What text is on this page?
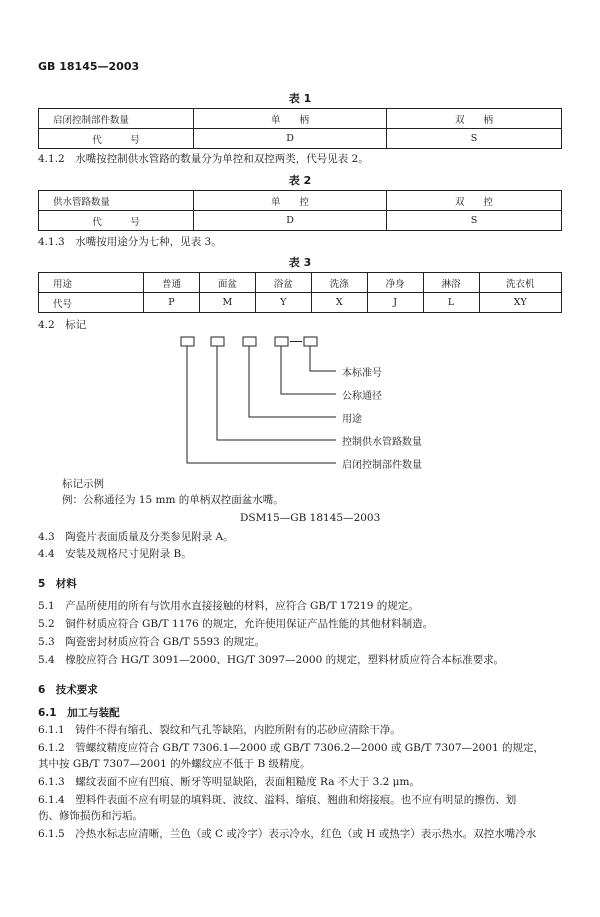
GB 18145—2003
表 1
启闭控制部件数量	单　　柄	双　　柄
代　　　号	D	S
4.1.2　水嘴按控制供水管路的数量分为单控和双控两类，代号见表 2。
表 2
供水管路数量	单　　控	双　　控
代　　　号	D	S
4.1.3　水嘴按用途分为七种，见表 3。
表 3
用途	普通	面盆	浴盆	洗涤	净身	淋浴	洗衣机
代号	P	M	Y	X	J	L	XY
4.2　标记
本标准号
公称通径
用途
控制供水管路数量
启闭控制部件数量
标记示例
例：公称通径为 15 mm 的单柄双控面盆水嘴。
DSM15—GB 18145—2003
4.3　陶瓷片表面质量及分类参见附录 A。
4.4　安装及规格尺寸见附录 B。
5　材料
5.1　产品所使用的所有与饮用水直接接触的材料，应符合 GB/T 17219 的规定。
5.2　铜件材质应符合 GB/T 1176 的规定，允许使用保证产品性能的其他材料制造。
5.3　陶瓷密封材质应符合 GB/T 5593 的规定。
5.4　橡胶应符合 HG/T 3091—2000、HG/T 3097—2000 的规定，塑料材质应符合本标准要求。
6　技术要求
6.1　加工与装配
6.1.1　铸件不得有缩孔、裂纹和气孔等缺陷，内腔所附有的芯砂应清除干净。
6.1.2　管螺纹精度应符合 GB/T 7306.1—2000 或 GB/T 7306.2—2000 或 GB/T 7307—2001 的规定，
其中按 GB/T 7307—2001 的外螺纹应不低于 B 级精度。
6.1.3　螺纹表面不应有凹痕、断牙等明显缺陷，表面粗糙度 Ra 不大于 3.2 μm。
6.1.4　塑料件表面不应有明显的填料斑、波纹、溢料、缩痕、翘曲和熔接痕。也不应有明显的擦伤、划
伤、修饰损伤和污垢。
6.1.5　冷热水标志应清晰，兰色（或 C 或冷字）表示冷水，红色（或 H 或热字）表示热水。双控水嘴冷水
